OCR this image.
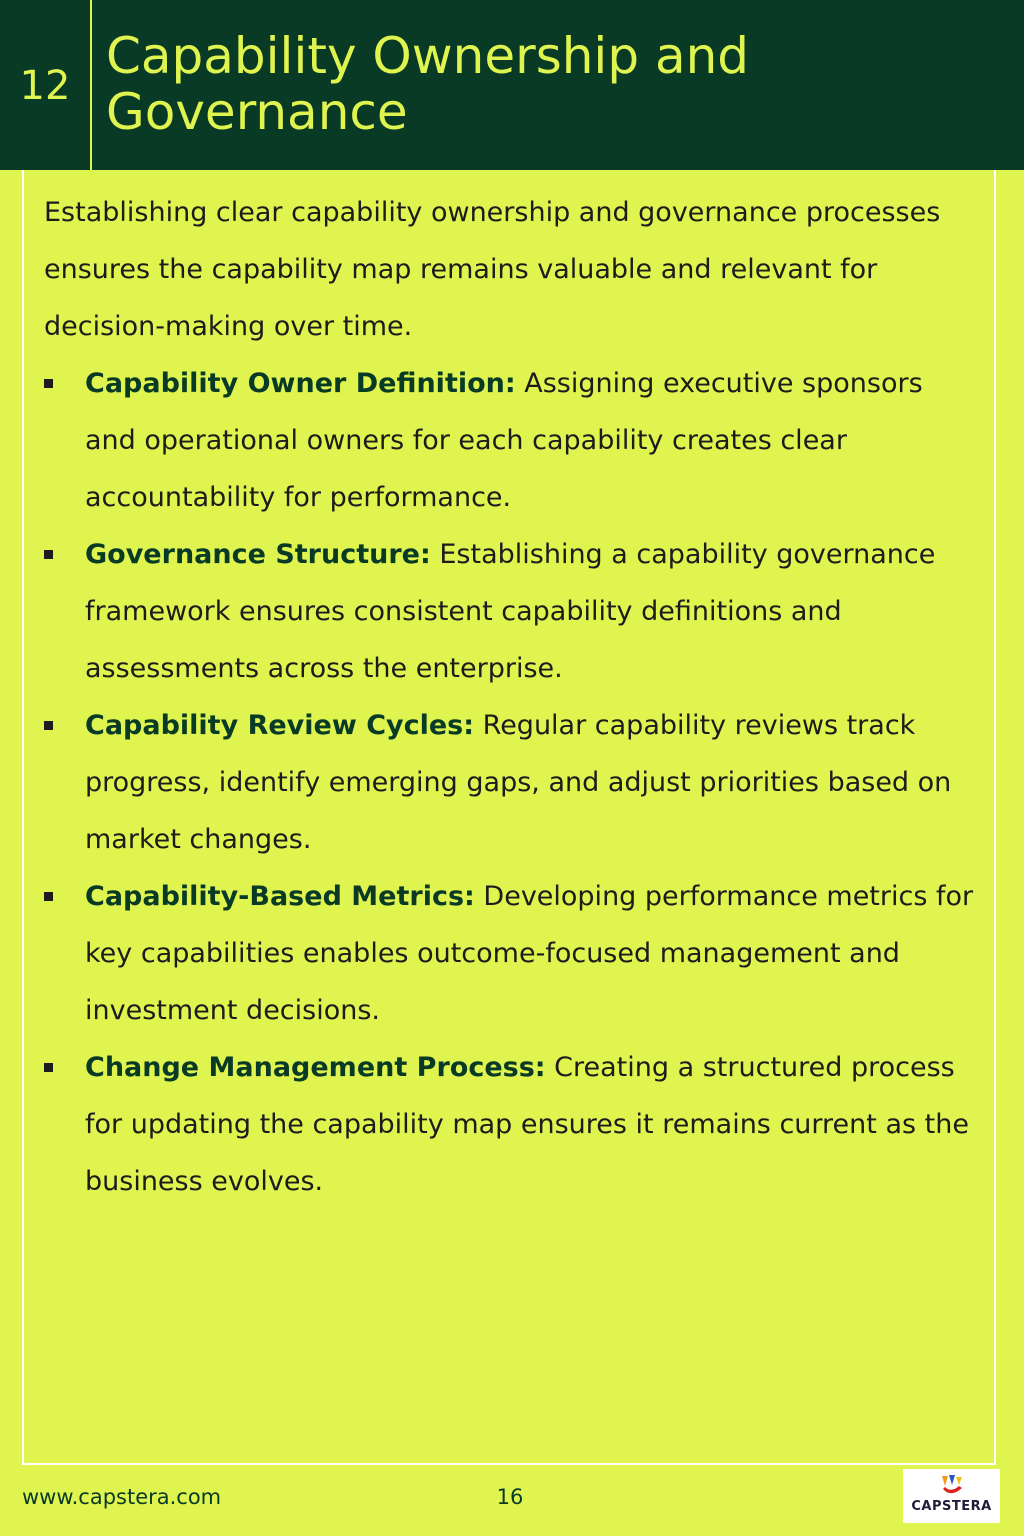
12
Capability Ownership and Governance

Establishing clear capability ownership and governance processes ensures the capability map remains valuable and relevant for decision-making over time.

Capability Owner Definition: Assigning executive sponsors and operational owners for each capability creates clear accountability for performance.
Governance Structure: Establishing a capability governance framework ensures consistent capability definitions and assessments across the enterprise.
Capability Review Cycles: Regular capability reviews track progress, identify emerging gaps, and adjust priorities based on market changes.
Capability-Based Metrics: Developing performance metrics for key capabilities enables outcome-focused management and investment decisions.
Change Management Process: Creating a structured process for updating the capability map ensures it remains current as the business evolves.
www.capstera.com	16	CAPSTERA
